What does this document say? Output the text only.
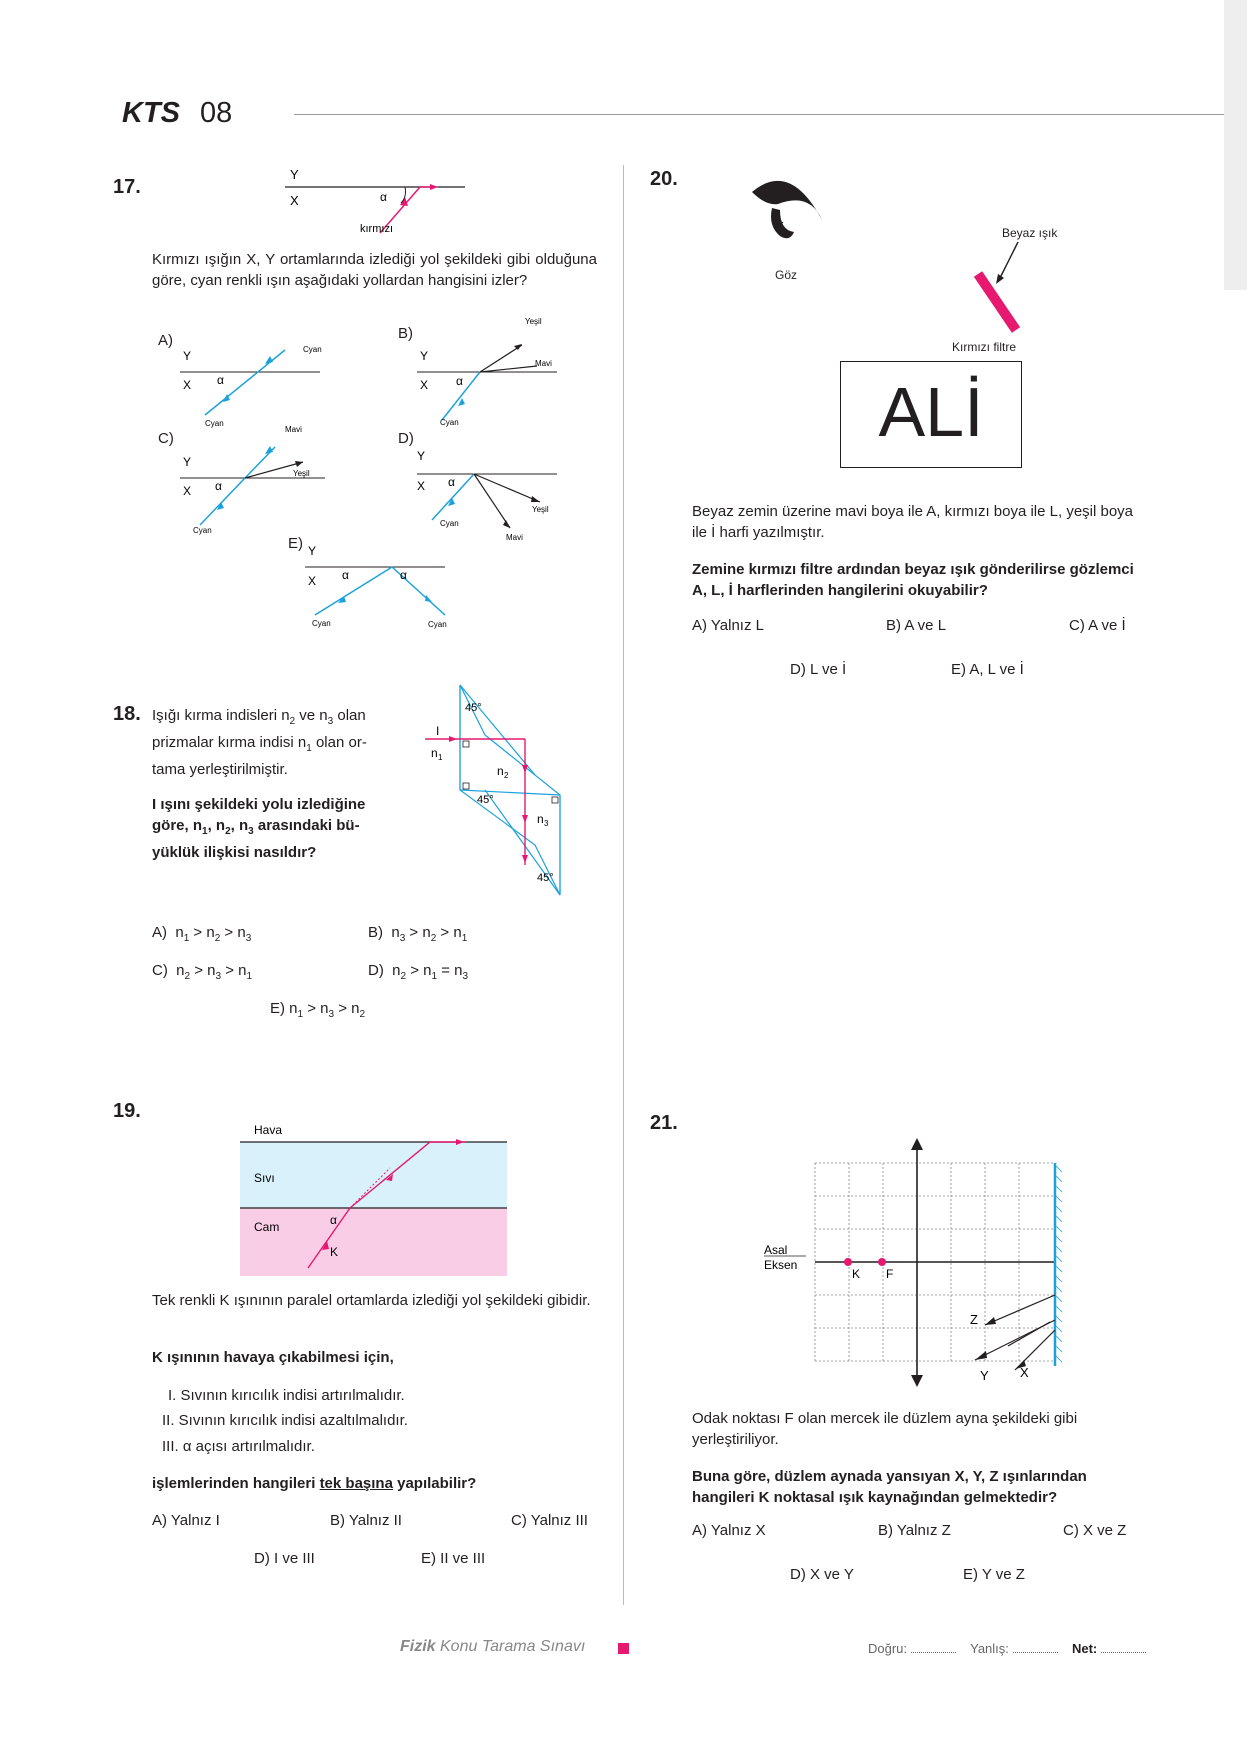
KTS 08
17.
Y
X	α
kırmızı
Kırmızı ışığın X, Y ortamlarında izlediği yol şekildeki gibi olduğuna göre, cyan renkli ışın aşağıdaki yollardan hangisini izler?
A)
Y
X α
Cyan
Cyan
B)
Y
X α
Yeşil
Mavi
Cyan
C)
Y
X α
Mavi
Yeşil
Cyan
D)
Y
X α
Yeşil
Mavi
Cyan
E) Y
X α	α
Cyan	Cyan
18. Işığı kırma indisleri $n_2$ ve $n_3$ olan
prizmalar kırma indisi $n_1$ olan or-
tama yerleştirilmiştir.
I ışını şekildeki yolu izlediğine
göre, $n_1$, $n_2$, $n_3$ arasındaki bü-
yüklük ilişkisi nasıldır?
45°
45°
45°
I
n 1
n 2
n 3
A)  $n_1 > n_2 > n_3$	B)  $n_3 > n_2 > n_1$
C)  $n_2 > n_3 > n_1$	D)  $n_2 > n_1 = n_3$
E) $n_1 > n_3 > n_2$
19.
Hava
Sıvı
Cam	α
K
Tek renkli K ışınının paralel ortamlarda izlediği yol şekildeki gibidir.
K ışınının havaya çıkabilmesi için,
I. Sıvının kırıcılık indisi artırılmalıdır.
II. Sıvının kırıcılık indisi azaltılmalıdır.
III. α açısı artırılmalıdır.
işlemlerinden hangileri tek başına yapılabilir?
A) Yalnız I	B) Yalnız II	C) Yalnız III
D) I ve III	E) II ve III
20.
Göz
Beyaz ışık
Kırmızı filtre
ALİ
Beyaz zemin üzerine mavi boya ile A, kırmızı boya ile L, yeşil boya ile İ harfi yazılmıştır.
Zemine kırmızı filtre ardından beyaz ışık gönderilirse gözlemci A, L, İ harflerinden hangilerini okuyabilir?
A) Yalnız L	B) A ve L	C) A ve İ
D) L ve İ	E) A, L ve İ
21.
Asal
Eksen
K F
Z
Y X
Odak noktası F olan mercek ile düzlem ayna şekildeki gibi yerleştiriliyor.
Buna göre, düzlem aynada yansıyan X, Y, Z ışınlarından hangileri K noktasal ışık kaynağından gelmektedir?
A) Yalnız X	B) Yalnız Z	C) X ve Z
D) X ve Y	E) Y ve Z
Fizik Konu Tarama Sınavı	Doğru:	Yanlış:	Net:
